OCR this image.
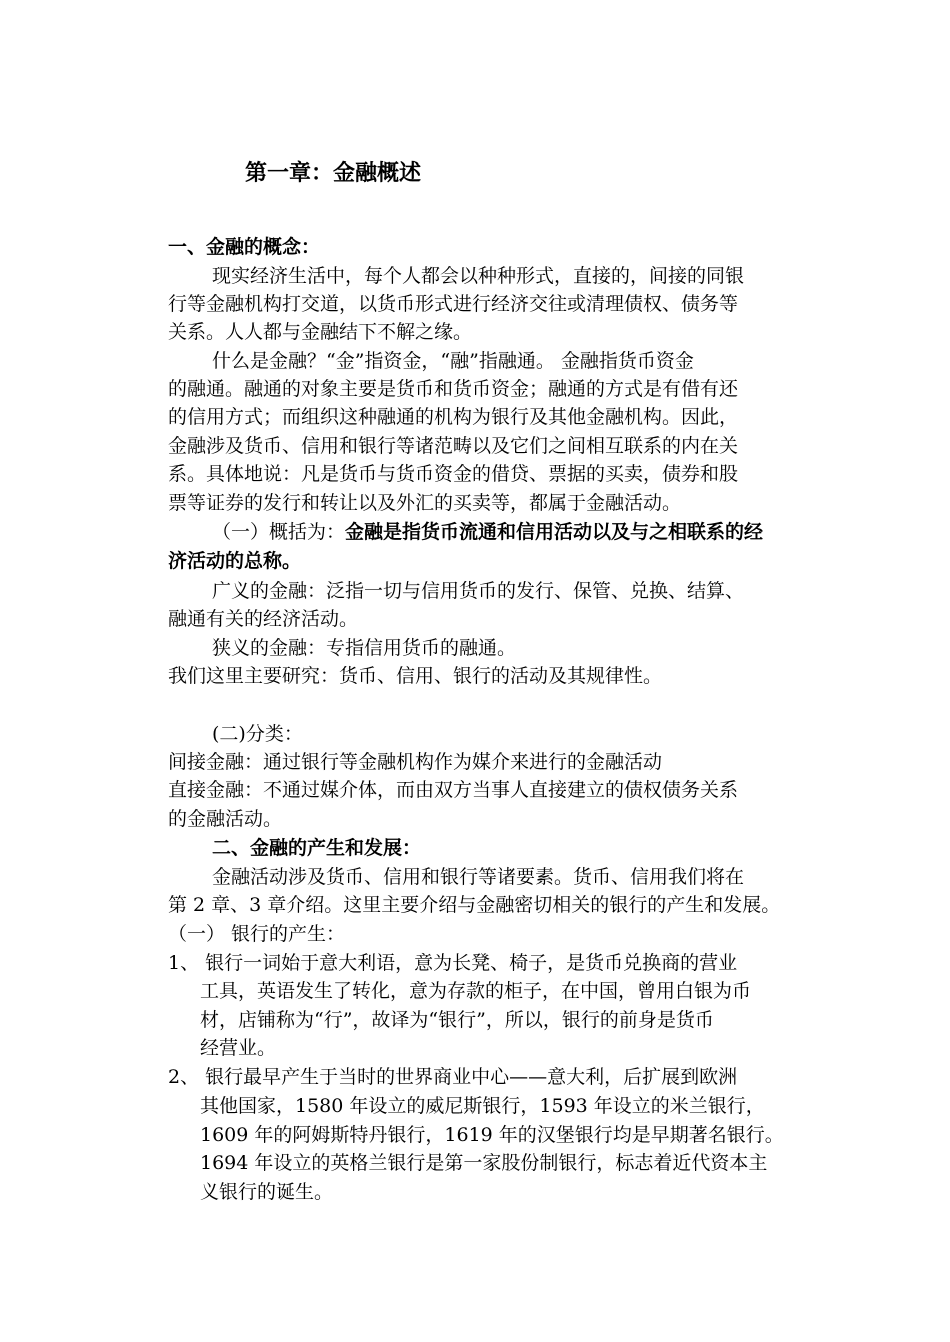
第一章：金融概述
一、金融的概念：
现实经济生活中，每个人都会以种种形式，直接的，间接的同银
行等金融机构打交道，以货币形式进行经济交往或清理债权、债务等
关系。人人都与金融结下不解之缘。
什么是金融？“金”指资金，“融”指融通。 金融指货币资金
的融通。融通的对象主要是货币和货币资金；融通的方式是有借有还
的信用方式；而组织这种融通的机构为银行及其他金融机构。因此，
金融涉及货币、信用和银行等诸范畴以及它们之间相互联系的内在关
系。具体地说：凡是货币与货币资金的借贷、票据的买卖，债券和股
票等证券的发行和转让以及外汇的买卖等，都属于金融活动。
（一）概括为：金融是指货币流通和信用活动以及与之相联系的经
济活动的总称。
广义的金融：泛指一切与信用货币的发行、保管、兑换、结算、
融通有关的经济活动。
狭义的金融：专指信用货币的融通。
我们这里主要研究：货币、信用、银行的活动及其规律性。
(二)分类：
间接金融：通过银行等金融机构作为媒介来进行的金融活动
直接金融：不通过媒介体，而由双方当事人直接建立的债权债务关系
的金融活动。
二、金融的产生和发展：
金融活动涉及货币、信用和银行等诸要素。货币、信用我们将在
第 2 章、3 章介绍。这里主要介绍与金融密切相关的银行的产生和发展。
（一） 银行的产生：
1、 银行一词始于意大利语，意为长凳、椅子，是货币兑换商的营业
工具，英语发生了转化，意为存款的柜子，在中国，曾用白银为币
材，店铺称为“行”，故译为“银行”，所以，银行的前身是货币
经营业。
2、 银行最早产生于当时的世界商业中心——意大利，后扩展到欧洲
其他国家，1580 年设立的威尼斯银行，1593 年设立的米兰银行，
1609 年的阿姆斯特丹银行，1619 年的汉堡银行均是早期著名银行。
1694 年设立的英格兰银行是第一家股份制银行，标志着近代资本主
义银行的诞生。
